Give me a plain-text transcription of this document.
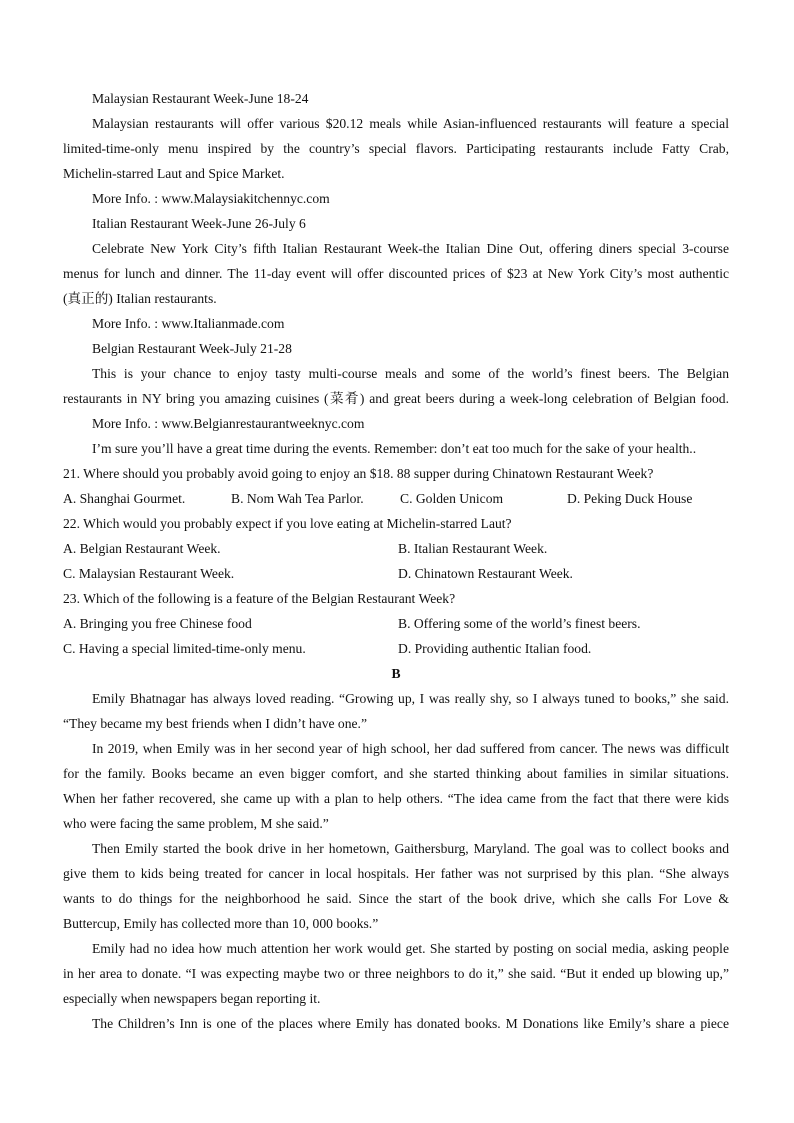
Malaysian Restaurant Week-June 18-24
Malaysian restaurants will offer various $20.12 meals while Asian-influenced restaurants will feature a special
limited-time-only menu inspired by the country’s special flavors. Participating restaurants include Fatty Crab,
Michelin-starred Laut and Spice Market.
More Info. : www.Malaysiakitchennyc.com
Italian Restaurant Week-June 26-July 6
Celebrate New York City’s fifth Italian Restaurant Week-the Italian Dine Out, offering diners special 3-course
menus for lunch and dinner. The 11-day event will offer discounted prices of $23 at New York City’s most authentic
(真正的) Italian restaurants.
More Info. : www.Italianmade.com
Belgian Restaurant Week-July 21-28
This is your chance to enjoy tasty multi-course meals and some of the world’s finest beers. The Belgian
restaurants in NY bring you amazing cuisines (菜肴) and great beers during a week-long celebration of Belgian food.
More Info. : www.Belgianrestaurantweeknyc.com
I’m sure you’ll have a great time during the events. Remember: don’t eat too much for the sake of your health..
21. Where should you probably avoid going to enjoy an $18. 88 supper during Chinatown Restaurant Week?
A. Shanghai Gourmet.	B. Nom Wah Tea Parlor.	C. Golden Unicom	D. Peking Duck House
22. Which would you probably expect if you love eating at Michelin-starred Laut?
A. Belgian Restaurant Week.	B. Italian Restaurant Week.
C. Malaysian Restaurant Week.	D. Chinatown Restaurant Week.
23. Which of the following is a feature of the Belgian Restaurant Week?
A. Bringing you free Chinese food	B. Offering some of the world’s finest beers.
C. Having a special limited-time-only menu.	D. Providing authentic Italian food.
B
Emily Bhatnagar has always loved reading. “Growing up, I was really shy, so I always tuned to books,” she said.
“They became my best friends when I didn’t have one.”
In 2019, when Emily was in her second year of high school, her dad suffered from cancer. The news was difficult
for the family. Books became an even bigger comfort, and she started thinking about families in similar situations.
When her father recovered, she came up with a plan to help others. “The idea came from the fact that there were kids
who were facing the same problem, M she said.”
Then Emily started the book drive in her hometown, Gaithersburg, Maryland. The goal was to collect books and
give them to kids being treated for cancer in local hospitals. Her father was not surprised by this plan. “She always
wants to do things for the neighborhood he said. Since the start of the book drive, which she calls For Love &
Buttercup, Emily has collected more than 10, 000 books.”
Emily had no idea how much attention her work would get. She started by posting on social media, asking people
in her area to donate. “I was expecting maybe two or three neighbors to do it,” she said. “But it ended up blowing up,”
especially when newspapers began reporting it.
The Children’s Inn is one of the places where Emily has donated books. M Donations like Emily’s share a piece
